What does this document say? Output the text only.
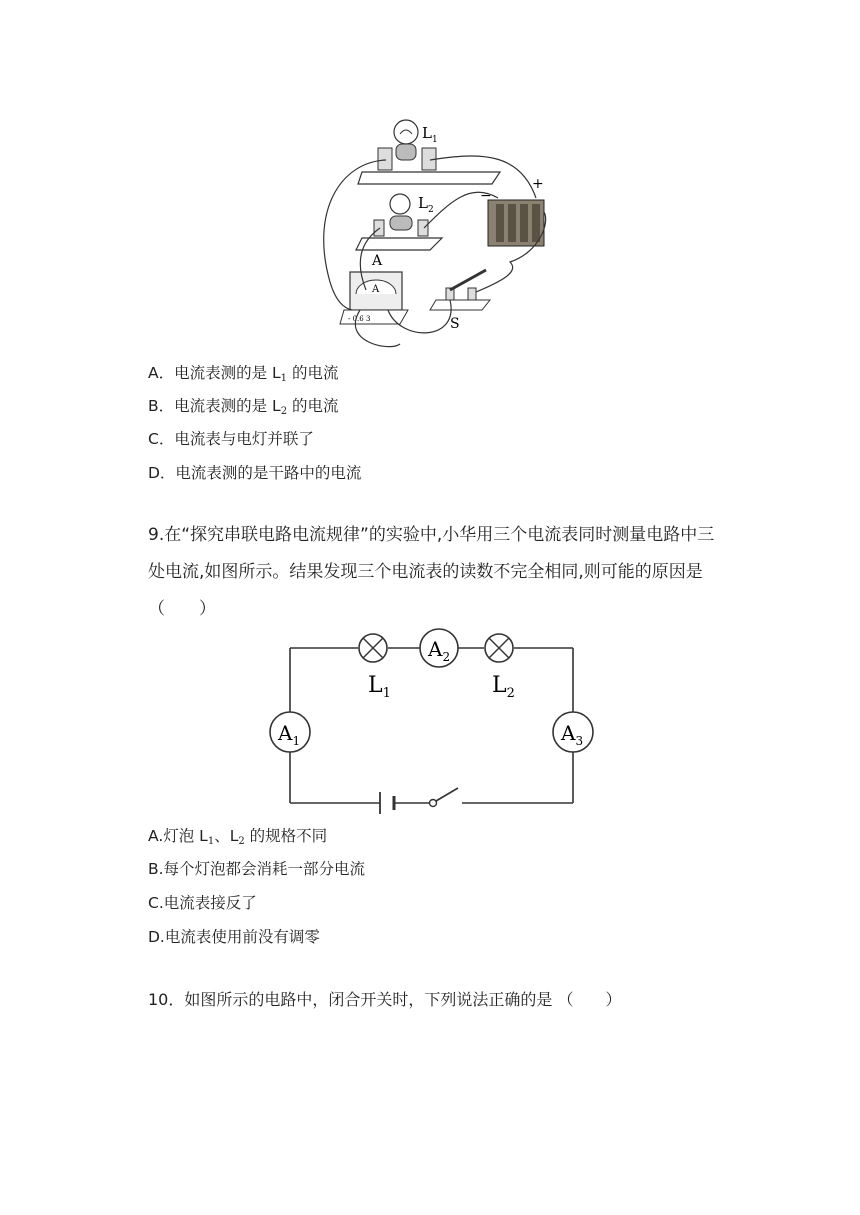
$L_1$
$L_2$
−
+
A
- 0.6 3
A
S
A．电流表测的是 $L_1$ 的电流
B．电流表测的是 $L_2$ 的电流
C．电流表与电灯并联了
D．电流表测的是干路中的电流
9.在“探究串联电路电流规律”的实验中,小华用三个电流表同时测量电路中三处电流,如图所示。结果发现三个电流表的读数不完全相同,则可能的原因是 （　　）
$L_1$	$L_2$
$A_2$
$A_1$	$A_3$
A.灯泡 $L_1$、$L_2$ 的规格不同
B.每个灯泡都会消耗一部分电流
C.电流表接反了
D.电流表使用前没有调零
10．如图所示的电路中，闭合开关时，下列说法正确的是 （　　）
